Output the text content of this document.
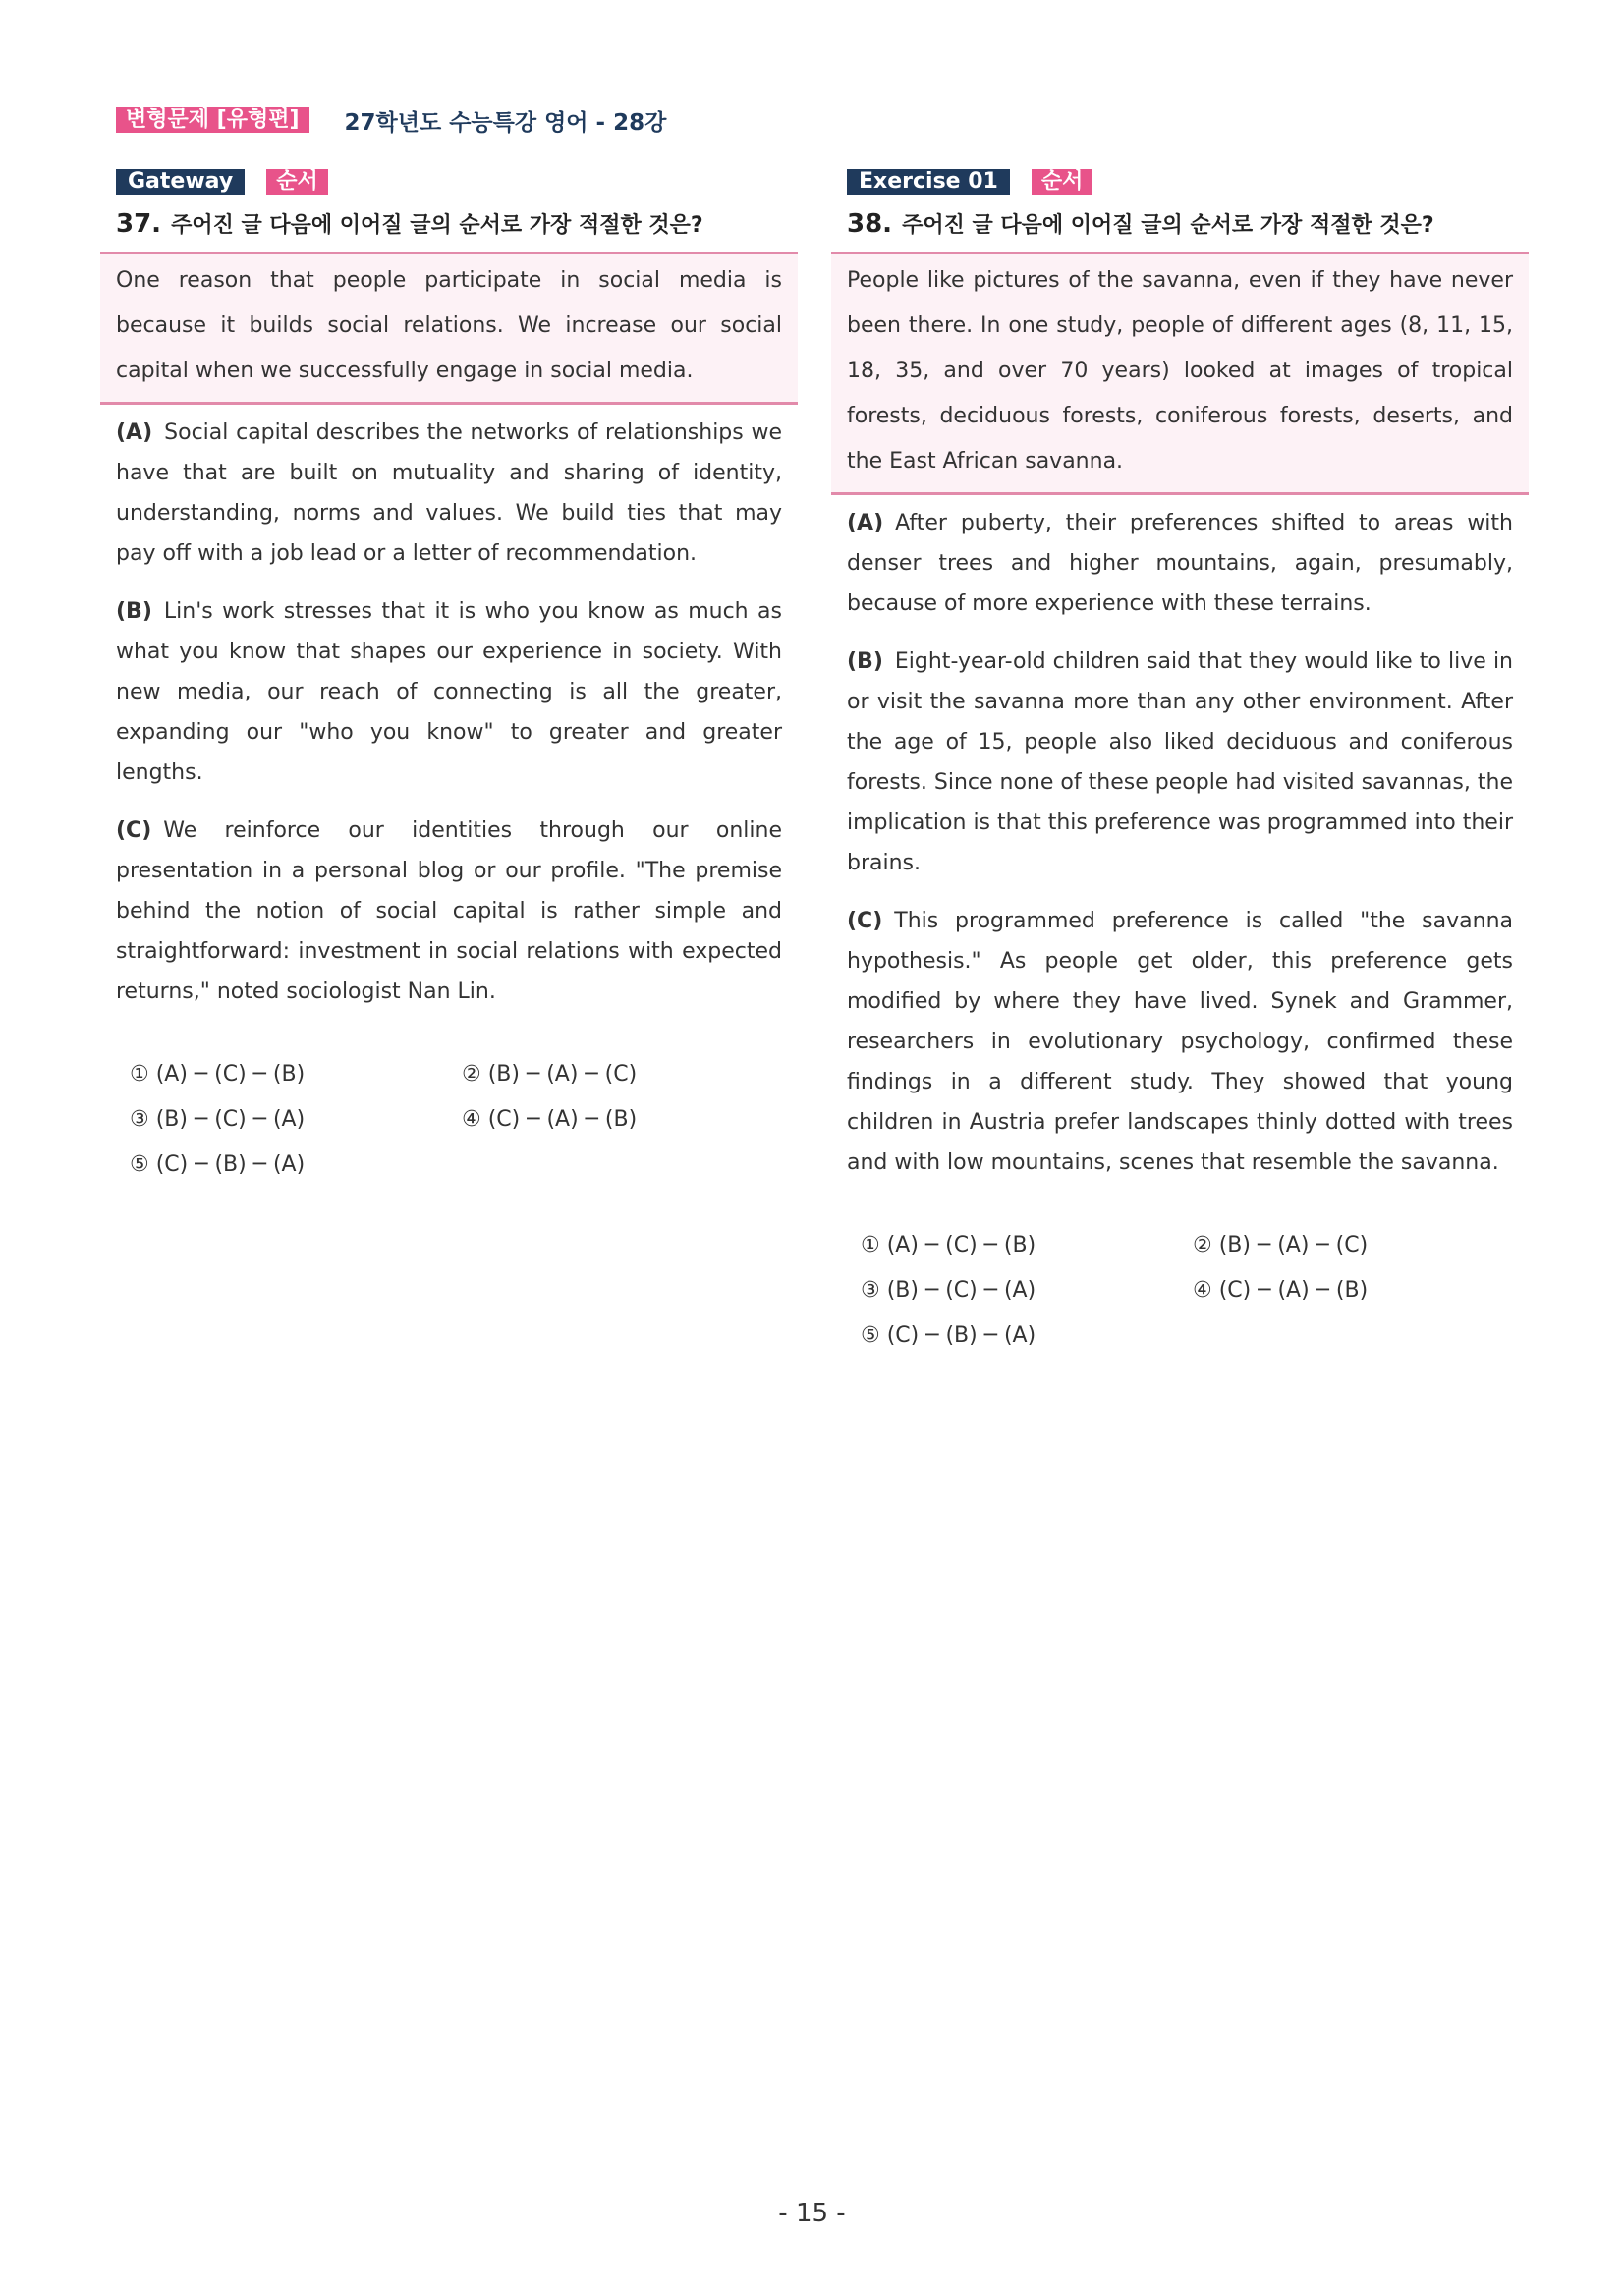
변형문제 [유형편]	27학년도 수능특강 영어 - 28강
Gateway	순서
37. 주어진 글 다음에 이어질 글의 순서로 가장 적절한 것은?
One reason that people participate in social media is because it builds social relations. We increase our social capital when we successfully engage in social media.
(A) Social capital describes the networks of relationships we have that are built on mutuality and sharing of identity, understanding, norms and values. We build ties that may pay off with a job lead or a letter of recommendation.
(B) Lin's work stresses that it is who you know as much as what you know that shapes our experience in society. With new media, our reach of connecting is all the greater, expanding our "who you know" to greater and greater lengths.
(C) We reinforce our identities through our online presentation in a personal blog or our profile. "The premise behind the notion of social capital is rather simple and straightforward: investment in social relations with expected returns," noted sociologist Nan Lin.
① (A) ─ (C) ─ (B)	② (B) ─ (A) ─ (C)
③ (B) ─ (C) ─ (A)	④ (C) ─ (A) ─ (B)
⑤ (C) ─ (B) ─ (A)
Exercise 01	순서
38. 주어진 글 다음에 이어질 글의 순서로 가장 적절한 것은?
People like pictures of the savanna, even if they have never been there. In one study, people of different ages (8, 11, 15, 18, 35, and over 70 years) looked at images of tropical forests, deciduous forests, coniferous forests, deserts, and the East African savanna.
(A) After puberty, their preferences shifted to areas with denser trees and higher mountains, again, presumably, because of more experience with these terrains.
(B) Eight-year-old children said that they would like to live in or visit the savanna more than any other environment. After the age of 15, people also liked deciduous and coniferous forests. Since none of these people had visited savannas, the implication is that this preference was programmed into their brains.
(C) This programmed preference is called "the savanna hypothesis." As people get older, this preference gets modified by where they have lived. Synek and Grammer, researchers in evolutionary psychology, confirmed these findings in a different study. They showed that young children in Austria prefer landscapes thinly dotted with trees and with low mountains, scenes that resemble the savanna.
① (A) ─ (C) ─ (B)	② (B) ─ (A) ─ (C)
③ (B) ─ (C) ─ (A)	④ (C) ─ (A) ─ (B)
⑤ (C) ─ (B) ─ (A)
- 15 -
